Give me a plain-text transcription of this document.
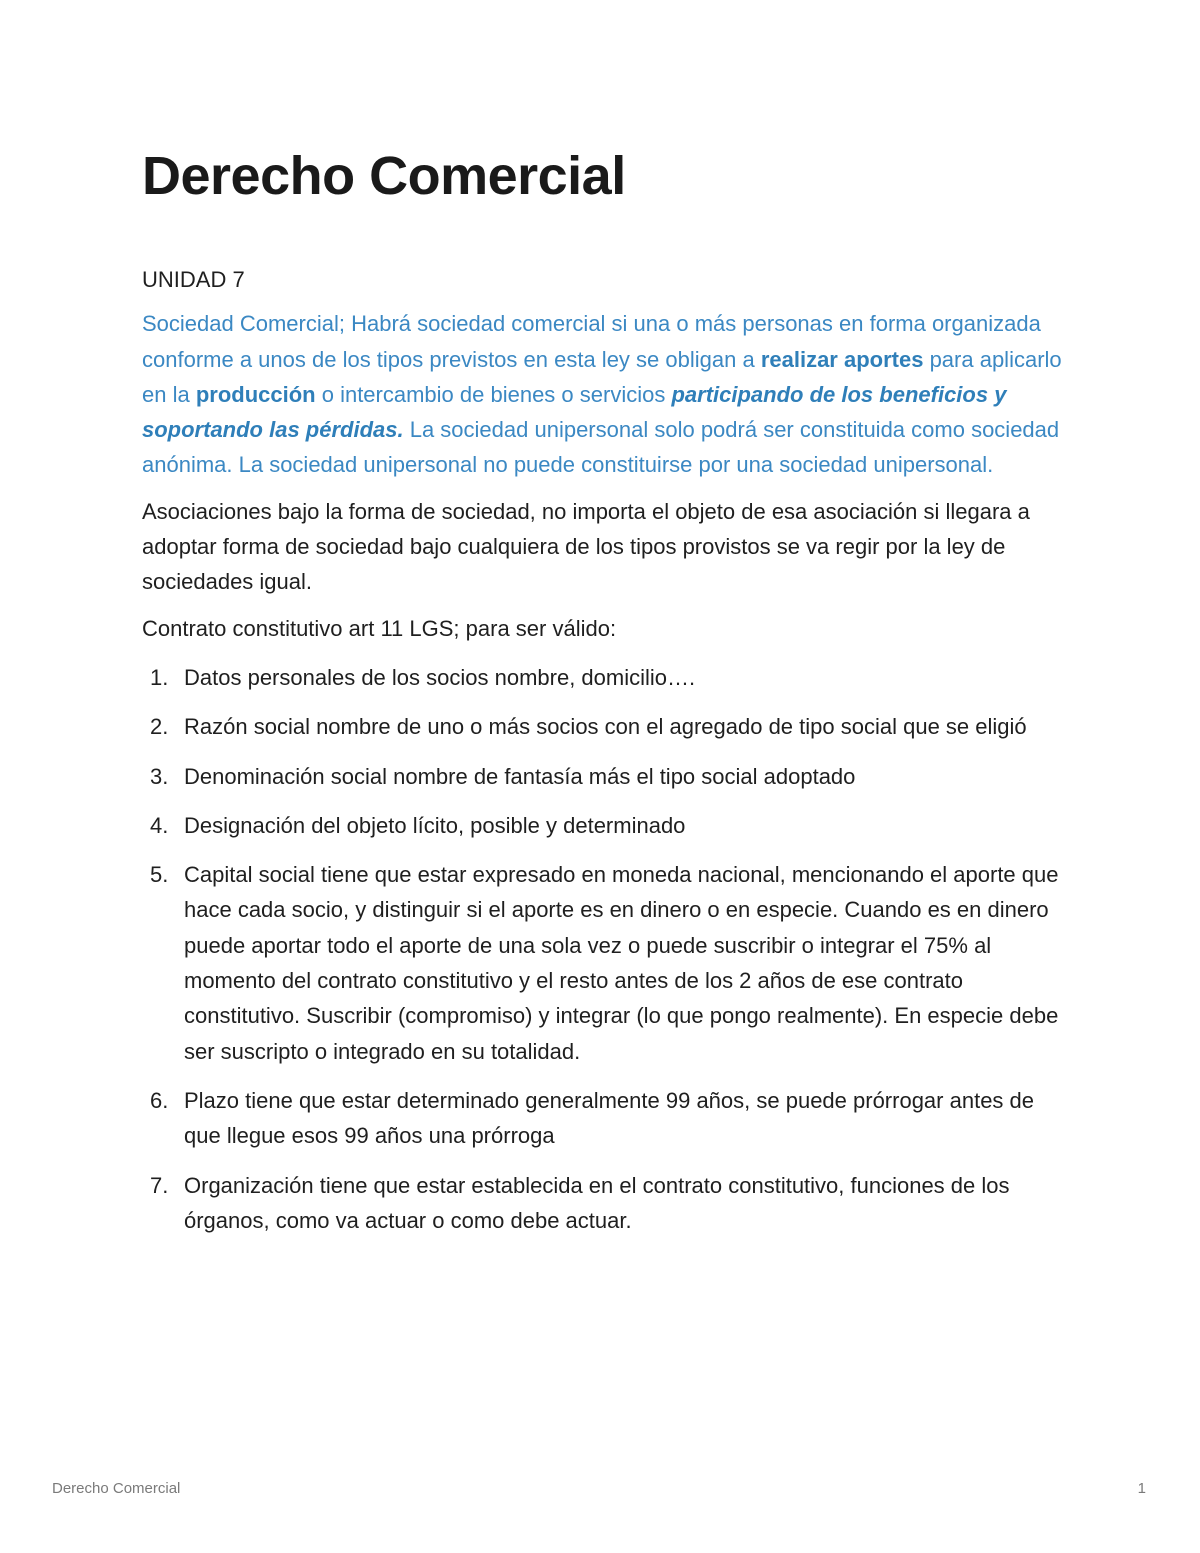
Derecho Comercial

UNIDAD 7

Sociedad Comercial; Habrá sociedad comercial si una o más personas en forma organizada conforme a unos de los tipos previstos en esta ley se obligan a realizar aportes para aplicarlo en la producción o intercambio de bienes o servicios participando de los beneficios y soportando las pérdidas. La sociedad unipersonal solo podrá ser constituida como sociedad anónima. La sociedad unipersonal no puede constituirse por una sociedad unipersonal.

Asociaciones bajo la forma de sociedad, no importa el objeto de esa asociación si llegara a adoptar forma de sociedad bajo cualquiera de los tipos provistos se va regir por la ley de sociedades igual.

Contrato constitutivo art 11 LGS; para ser válido:

1. Datos personales de los socios nombre, domicilio….
2. Razón social nombre de uno o más socios con el agregado de tipo social que se eligió
3. Denominación social nombre de fantasía más el tipo social adoptado
4. Designación del objeto lícito, posible y determinado
5. Capital social tiene que estar expresado en moneda nacional, mencionando el aporte que hace cada socio, y distinguir si el aporte es en dinero o en especie. Cuando es en dinero puede aportar todo el aporte de una sola vez o puede suscribir o integrar el 75% al momento del contrato constitutivo y el resto antes de los 2 años de ese contrato constitutivo. Suscribir (compromiso) y integrar (lo que pongo realmente). En especie debe ser suscripto o integrado en su totalidad.
6. Plazo tiene que estar determinado generalmente 99 años, se puede prórrogar antes de que llegue esos 99 años una prórroga
7. Organización tiene que estar establecida en el contrato constitutivo, funciones de los órganos, como va actuar o como debe actuar.
Derecho Comercial	1
